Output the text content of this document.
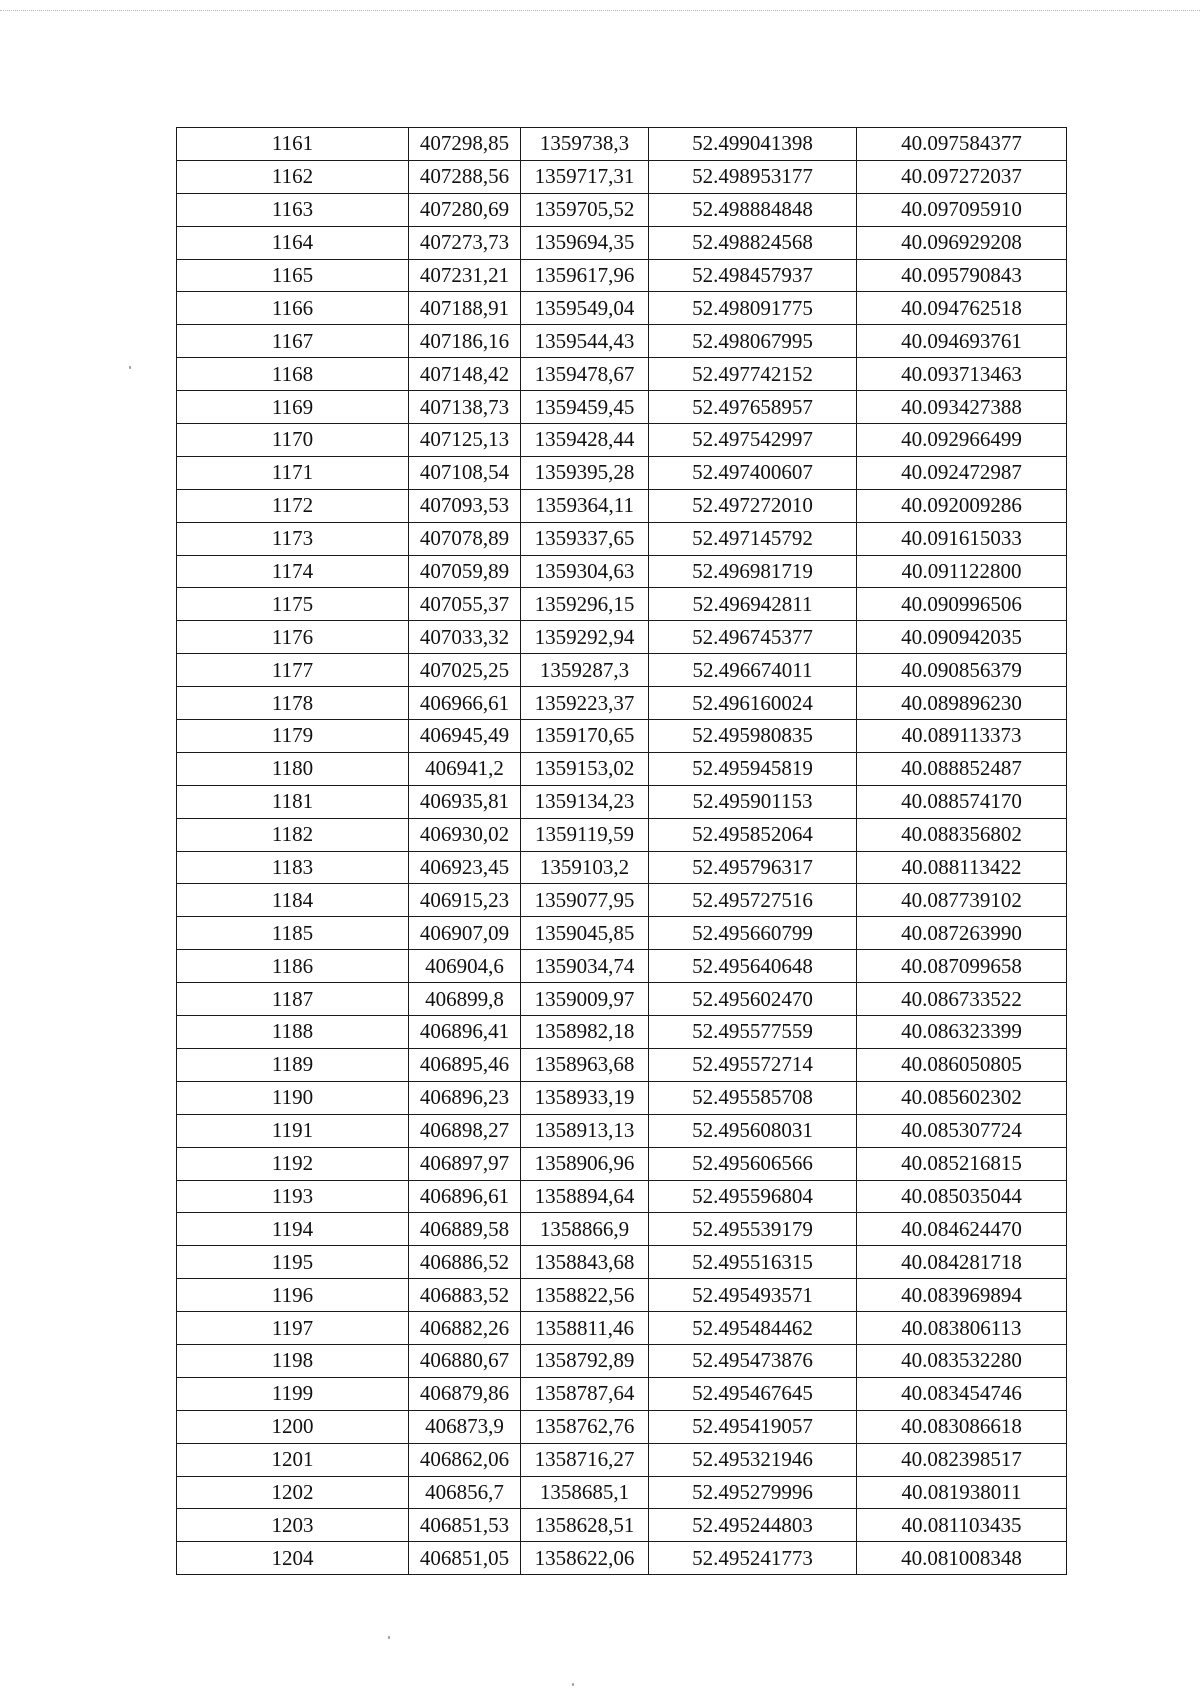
1161	407298,85	1359738,3	52.499041398	40.097584377
1162	407288,56	1359717,31	52.498953177	40.097272037
1163	407280,69	1359705,52	52.498884848	40.097095910
1164	407273,73	1359694,35	52.498824568	40.096929208
1165	407231,21	1359617,96	52.498457937	40.095790843
1166	407188,91	1359549,04	52.498091775	40.094762518
1167	407186,16	1359544,43	52.498067995	40.094693761
1168	407148,42	1359478,67	52.497742152	40.093713463
1169	407138,73	1359459,45	52.497658957	40.093427388
1170	407125,13	1359428,44	52.497542997	40.092966499
1171	407108,54	1359395,28	52.497400607	40.092472987
1172	407093,53	1359364,11	52.497272010	40.092009286
1173	407078,89	1359337,65	52.497145792	40.091615033
1174	407059,89	1359304,63	52.496981719	40.091122800
1175	407055,37	1359296,15	52.496942811	40.090996506
1176	407033,32	1359292,94	52.496745377	40.090942035
1177	407025,25	1359287,3	52.496674011	40.090856379
1178	406966,61	1359223,37	52.496160024	40.089896230
1179	406945,49	1359170,65	52.495980835	40.089113373
1180	406941,2	1359153,02	52.495945819	40.088852487
1181	406935,81	1359134,23	52.495901153	40.088574170
1182	406930,02	1359119,59	52.495852064	40.088356802
1183	406923,45	1359103,2	52.495796317	40.088113422
1184	406915,23	1359077,95	52.495727516	40.087739102
1185	406907,09	1359045,85	52.495660799	40.087263990
1186	406904,6	1359034,74	52.495640648	40.087099658
1187	406899,8	1359009,97	52.495602470	40.086733522
1188	406896,41	1358982,18	52.495577559	40.086323399
1189	406895,46	1358963,68	52.495572714	40.086050805
1190	406896,23	1358933,19	52.495585708	40.085602302
1191	406898,27	1358913,13	52.495608031	40.085307724
1192	406897,97	1358906,96	52.495606566	40.085216815
1193	406896,61	1358894,64	52.495596804	40.085035044
1194	406889,58	1358866,9	52.495539179	40.084624470
1195	406886,52	1358843,68	52.495516315	40.084281718
1196	406883,52	1358822,56	52.495493571	40.083969894
1197	406882,26	1358811,46	52.495484462	40.083806113
1198	406880,67	1358792,89	52.495473876	40.083532280
1199	406879,86	1358787,64	52.495467645	40.083454746
1200	406873,9	1358762,76	52.495419057	40.083086618
1201	406862,06	1358716,27	52.495321946	40.082398517
1202	406856,7	1358685,1	52.495279996	40.081938011
1203	406851,53	1358628,51	52.495244803	40.081103435
1204	406851,05	1358622,06	52.495241773	40.081008348
